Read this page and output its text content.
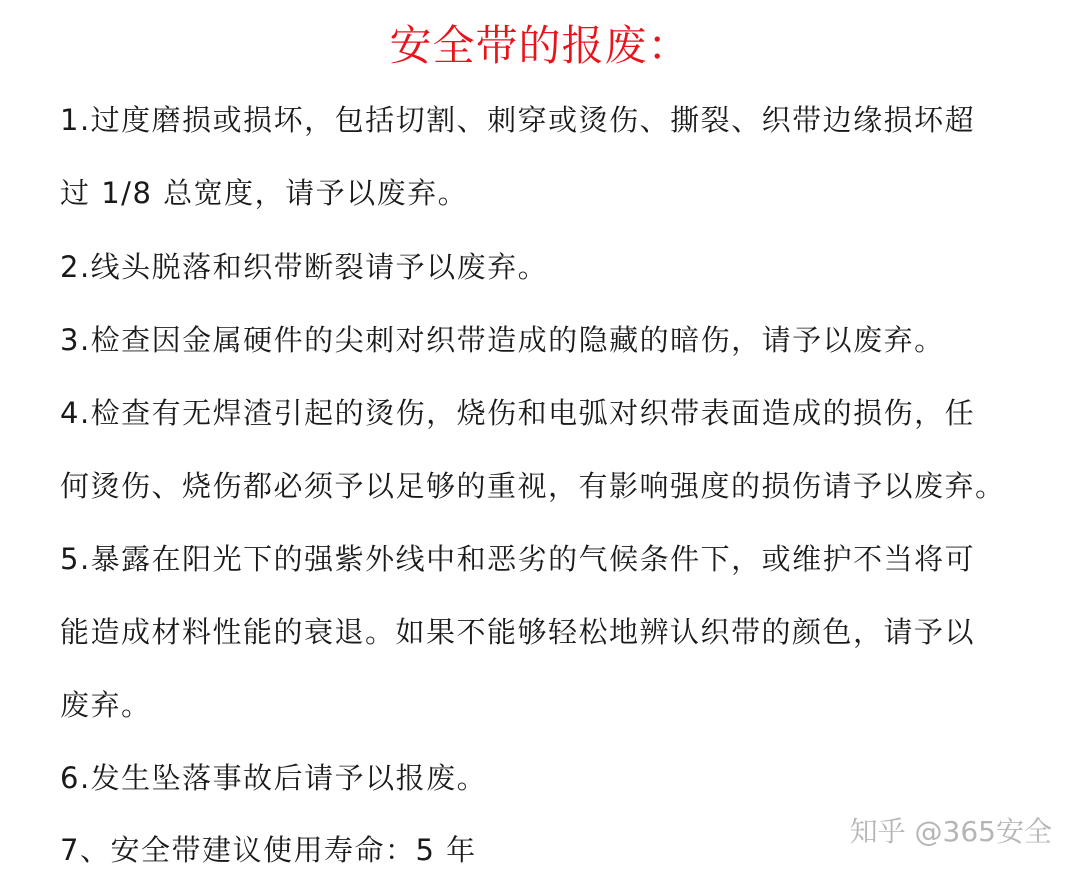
安全带的报废：
1.过度磨损或损坏，包括切割、刺穿或烫伤、撕裂、织带边缘损坏超
过 1/8 总宽度，请予以废弃。
2.线头脱落和织带断裂请予以废弃。
3.检查因金属硬件的尖刺对织带造成的隐藏的暗伤，请予以废弃。
4.检查有无焊渣引起的烫伤，烧伤和电弧对织带表面造成的损伤，任
何烫伤、烧伤都必须予以足够的重视，有影响强度的损伤请予以废弃。
5.暴露在阳光下的强紫外线中和恶劣的气候条件下，或维护不当将可
能造成材料性能的衰退。如果不能够轻松地辨认织带的颜色，请予以
废弃。
6.发生坠落事故后请予以报废。
7、安全带建议使用寿命：5 年
知乎 @365安全
